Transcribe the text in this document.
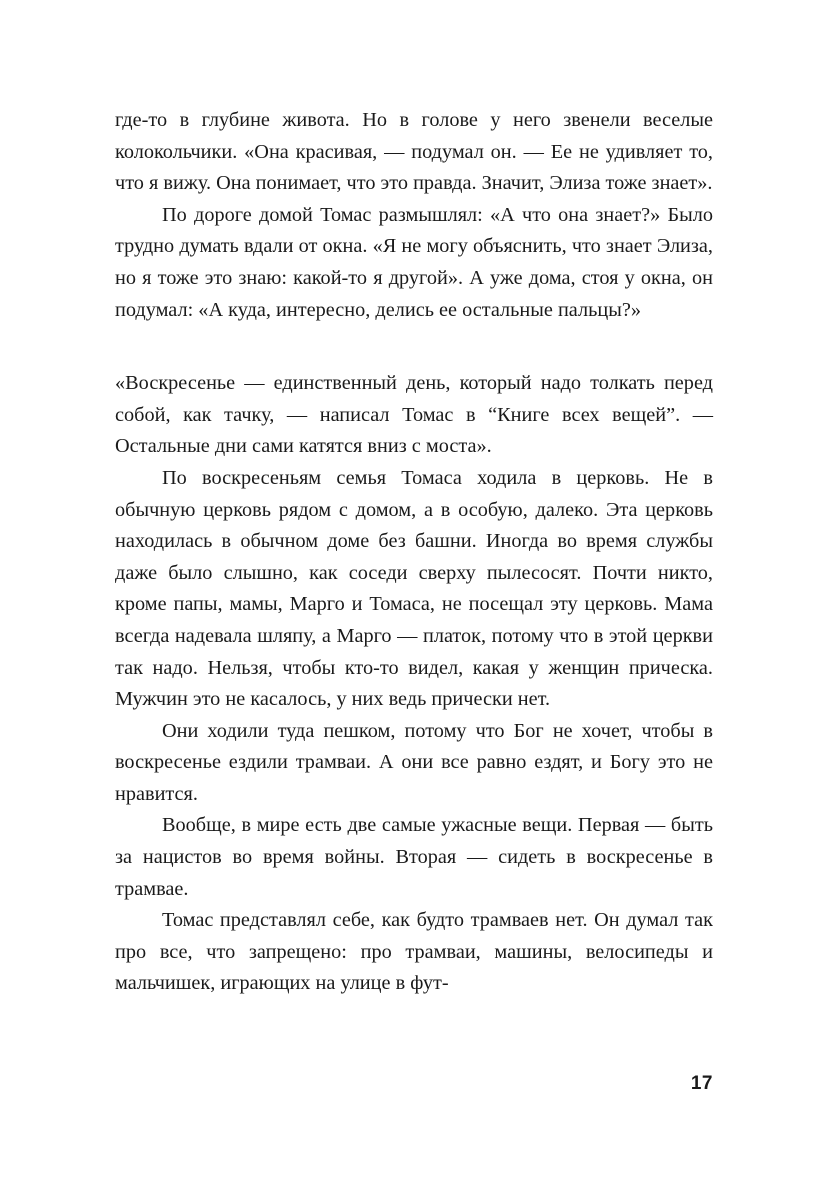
где-то в глубине живота. Но в голове у него звенели веселые колокольчики. «Она красивая, — подумал он. — Ее не удивляет то, что я вижу. Она понимает, что это правда. Значит, Элиза тоже знает».

По дороге домой Томас размышлял: «А что она знает?» Было трудно думать вдали от окна. «Я не могу объяснить, что знает Элиза, но я тоже это знаю: какой-то я другой». А уже дома, стоя у окна, он подумал: «А куда, интересно, делись ее остальные пальцы?»

«Воскресенье — единственный день, который надо толкать перед собой, как тачку, — написал Томас в “Книге всех вещей”. — Остальные дни сами катятся вниз с моста».

По воскресеньям семья Томаса ходила в церковь. Не в обычную церковь рядом с домом, а в особую, далеко. Эта церковь находилась в обычном доме без башни. Иногда во время службы даже было слышно, как соседи сверху пылесосят. Почти никто, кроме папы, мамы, Марго и Томаса, не посещал эту церковь. Мама всегда надевала шляпу, а Марго — платок, потому что в этой церкви так надо. Нельзя, чтобы кто-то видел, какая у женщин прическа. Мужчин это не касалось, у них ведь прически нет.

Они ходили туда пешком, потому что Бог не хочет, чтобы в воскресенье ездили трамваи. А они все равно ездят, и Богу это не нравится.

Вообще, в мире есть две самые ужасные вещи. Первая — быть за нацистов во время войны. Вторая — сидеть в воскресенье в трамвае.

Томас представлял себе, как будто трамваев нет. Он думал так про все, что запрещено: про трамваи, машины, велосипеды и мальчишек, играющих на улице в фут-

17
